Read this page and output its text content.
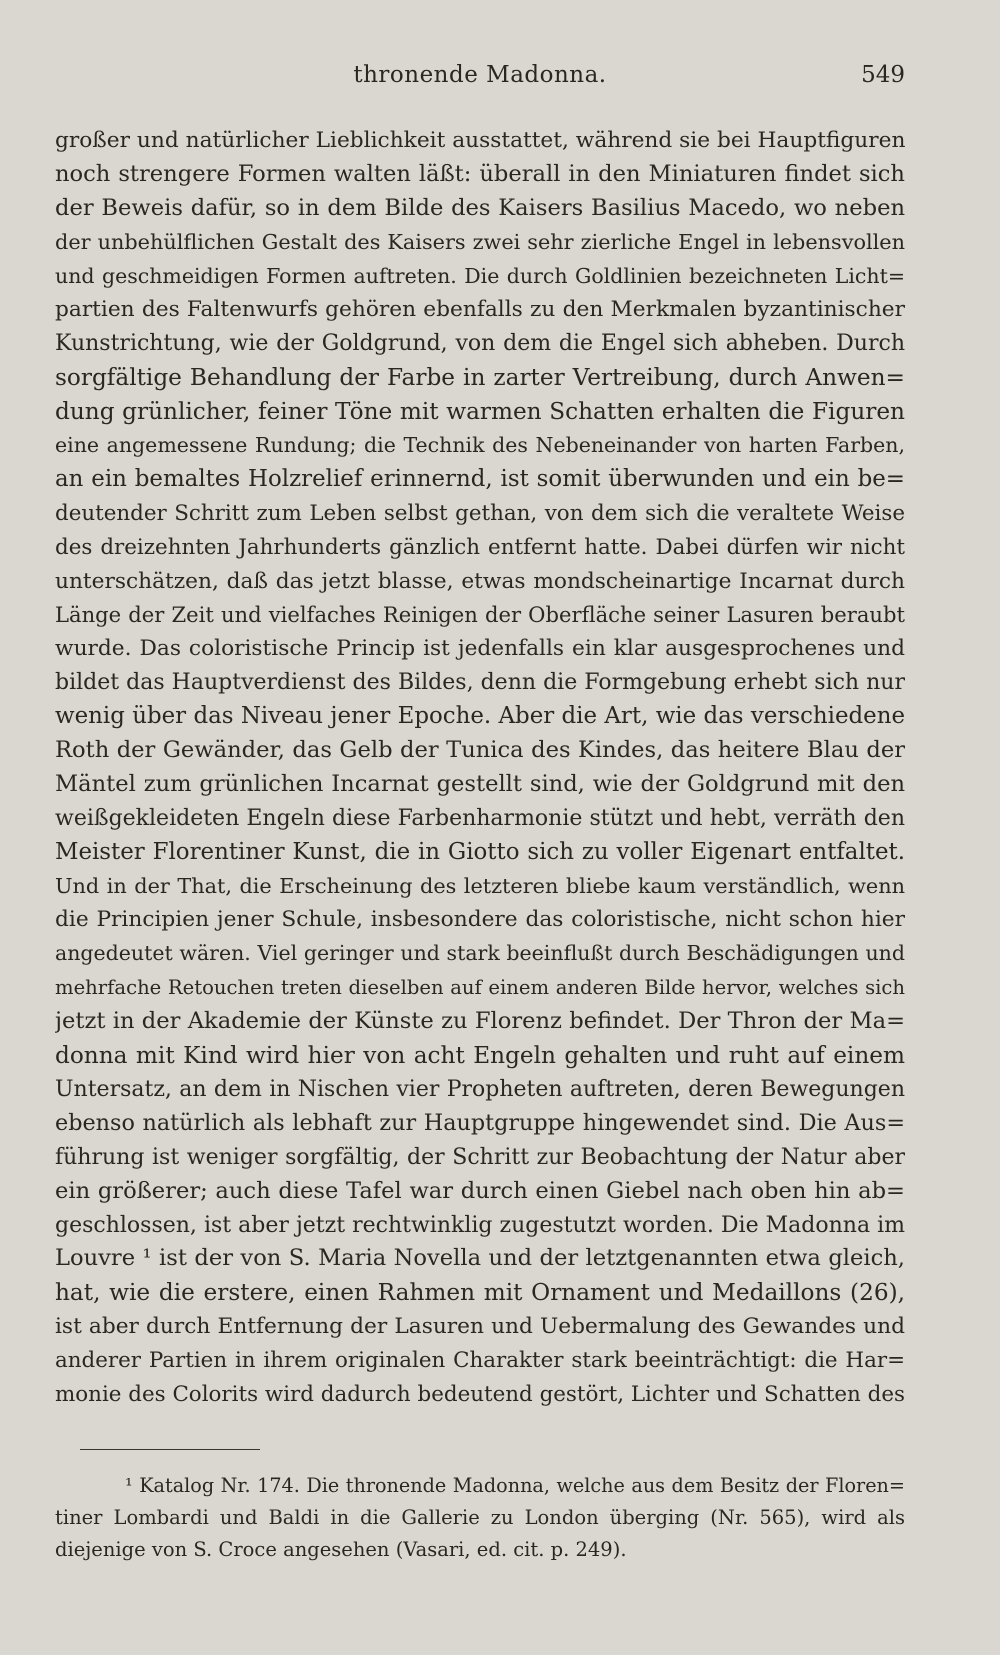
thronende Madonna.	549
großer und natürlicher Lieblichkeit ausstattet, während sie bei Hauptfiguren
noch strengere Formen walten läßt: überall in den Miniaturen findet sich
der Beweis dafür, so in dem Bilde des Kaisers Basilius Macedo, wo neben
der unbehülflichen Gestalt des Kaisers zwei sehr zierliche Engel in lebensvollen
und geschmeidigen Formen auftreten. Die durch Goldlinien bezeichneten Licht=
partien des Faltenwurfs gehören ebenfalls zu den Merkmalen byzantinischer
Kunstrichtung, wie der Goldgrund, von dem die Engel sich abheben. Durch
sorgfältige Behandlung der Farbe in zarter Vertreibung, durch Anwen=
dung grünlicher, feiner Töne mit warmen Schatten erhalten die Figuren
eine angemessene Rundung; die Technik des Nebeneinander von harten Farben,
an ein bemaltes Holzrelief erinnernd, ist somit überwunden und ein be=
deutender Schritt zum Leben selbst gethan, von dem sich die veraltete Weise
des dreizehnten Jahrhunderts gänzlich entfernt hatte. Dabei dürfen wir nicht
unterschätzen, daß das jetzt blasse, etwas mondscheinartige Incarnat durch
Länge der Zeit und vielfaches Reinigen der Oberfläche seiner Lasuren beraubt
wurde. Das coloristische Princip ist jedenfalls ein klar ausgesprochenes und
bildet das Hauptverdienst des Bildes, denn die Formgebung erhebt sich nur
wenig über das Niveau jener Epoche. Aber die Art, wie das verschiedene
Roth der Gewänder, das Gelb der Tunica des Kindes, das heitere Blau der
Mäntel zum grünlichen Incarnat gestellt sind, wie der Goldgrund mit den
weißgekleideten Engeln diese Farbenharmonie stützt und hebt, verräth den
Meister Florentiner Kunst, die in Giotto sich zu voller Eigenart entfaltet.
Und in der That, die Erscheinung des letzteren bliebe kaum verständlich, wenn
die Principien jener Schule, insbesondere das coloristische, nicht schon hier
angedeutet wären. Viel geringer und stark beeinflußt durch Beschädigungen und
mehrfache Retouchen treten dieselben auf einem anderen Bilde hervor, welches sich
jetzt in der Akademie der Künste zu Florenz befindet. Der Thron der Ma=
donna mit Kind wird hier von acht Engeln gehalten und ruht auf einem
Untersatz, an dem in Nischen vier Propheten auftreten, deren Bewegungen
ebenso natürlich als lebhaft zur Hauptgruppe hingewendet sind. Die Aus=
führung ist weniger sorgfältig, der Schritt zur Beobachtung der Natur aber
ein größerer; auch diese Tafel war durch einen Giebel nach oben hin ab=
geschlossen, ist aber jetzt rechtwinklig zugestutzt worden. Die Madonna im
Louvre ¹ ist der von S. Maria Novella und der letztgenannten etwa gleich,
hat, wie die erstere, einen Rahmen mit Ornament und Medaillons (26),
ist aber durch Entfernung der Lasuren und Uebermalung des Gewandes und
anderer Partien in ihrem originalen Charakter stark beeinträchtigt: die Har=
monie des Colorits wird dadurch bedeutend gestört, Lichter und Schatten des
¹ Katalog Nr. 174. Die thronende Madonna, welche aus dem Besitz der Floren=
tiner Lombardi und Baldi in die Gallerie zu London überging (Nr. 565), wird als
diejenige von S. Croce angesehen (Vasari, ed. cit. p. 249).
